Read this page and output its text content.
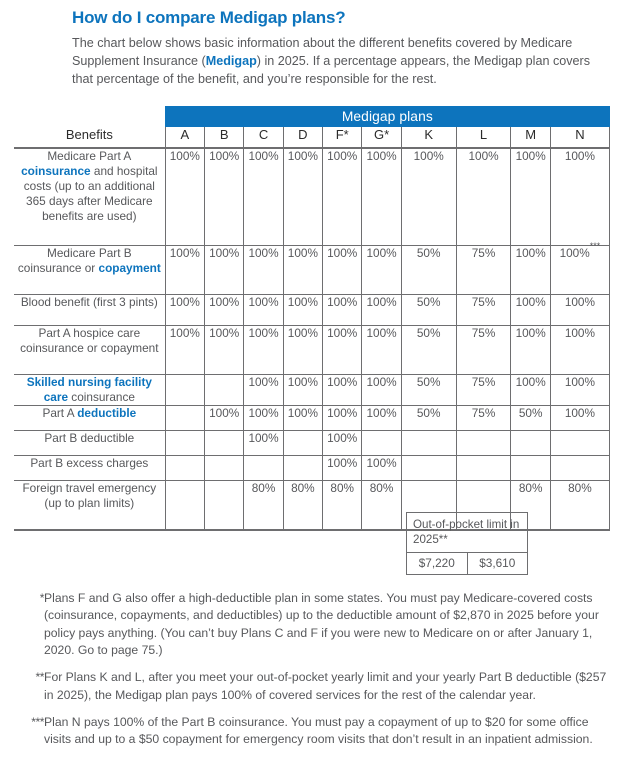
How do I compare Medigap plans?

The chart below shows basic information about the different benefits covered by Medicare Supplement Insurance (Medigap) in 2025. If a percentage appears, the Medigap plan covers that percentage of the benefit, and you’re responsible for the rest.

	Medigap plans									
Benefits	A	B	C	D	F*	G*	K	L	M	N
Medicare Part A coinsurance and hospital costs (up to an additional 365 days after Medicare benefits are used)	100%	100%	100%	100%	100%	100%	100%	100%	100%	100%
Medicare Part B coinsurance or copayment	100%	100%	100%	100%	100%	100%	50%	75%	100%	100%***
Blood benefit (first 3 pints)	100%	100%	100%	100%	100%	100%	50%	75%	100%	100%
Part A hospice care coinsurance or copayment	100%	100%	100%	100%	100%	100%	50%	75%	100%	100%
Skilled nursing facility care coinsurance			100%	100%	100%	100%	50%	75%	100%	100%
Part A deductible		100%	100%	100%	100%	100%	50%	75%	50%	100%
Part B deductible			100%		100%					
Part B excess charges					100%	100%				
Foreign travel emergency (up to plan limits)			80%	80%	80%	80%			80%	80%
Out-of-pocket limit in 2025**
$7,220	$3,610
* Plans F and G also offer a high-deductible plan in some states. You must pay Medicare-covered costs (coinsurance, copayments, and deductibles) up to the deductible amount of $2,870 in 2025 before your policy pays anything. (You can’t buy Plans C and F if you were new to Medicare on or after January 1, 2020. Go to page 75.)
** For Plans K and L, after you meet your out-of-pocket yearly limit and your yearly Part B deductible ($257 in 2025), the Medigap plan pays 100% of covered services for the rest of the calendar year.
*** Plan N pays 100% of the Part B coinsurance. You must pay a copayment of up to $20 for some office visits and up to a $50 copayment for emergency room visits that don’t result in an inpatient admission.
